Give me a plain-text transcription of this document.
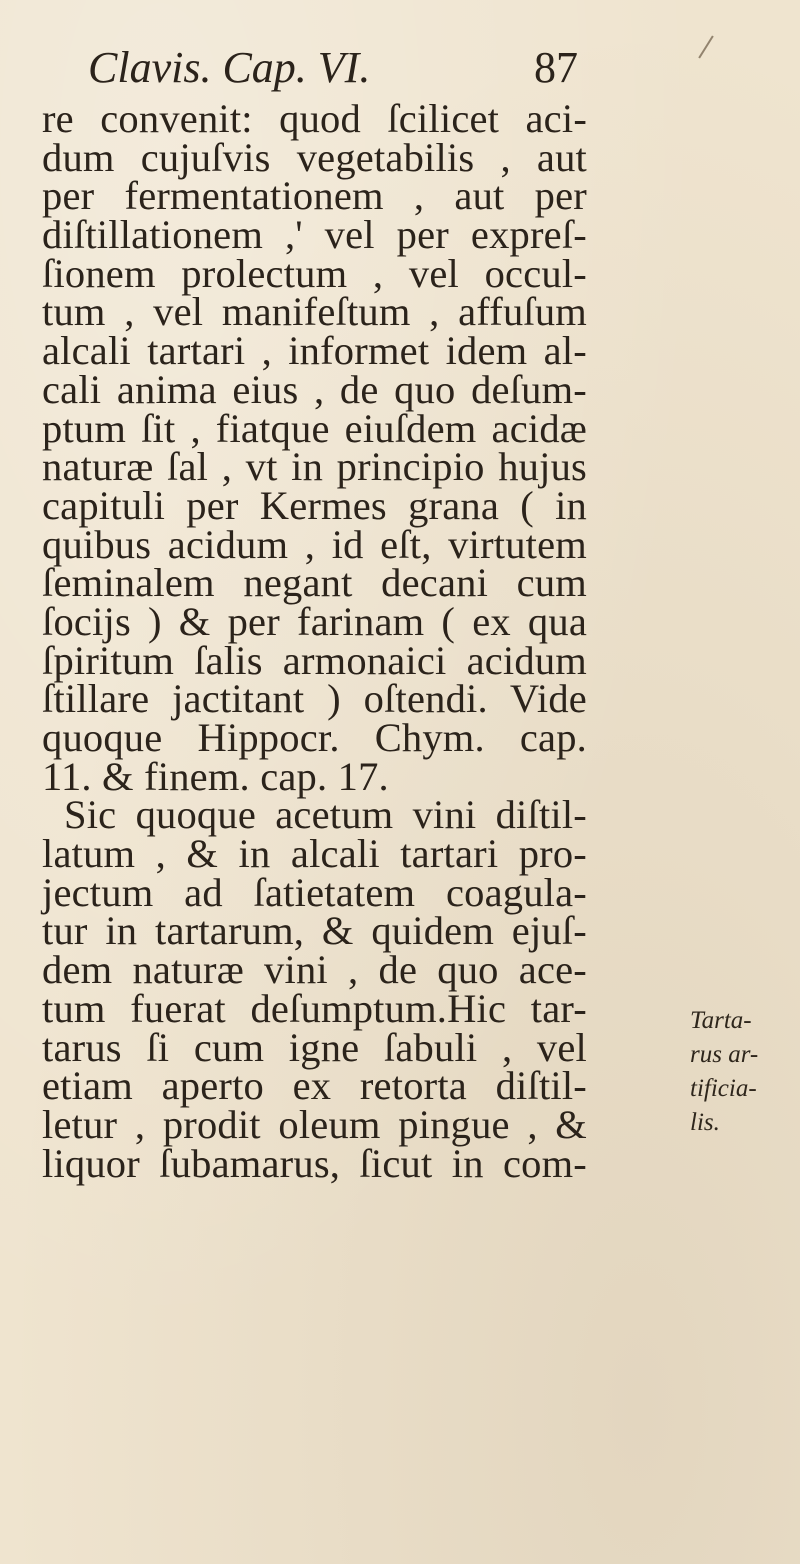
Clavis. Cap. VI.	87
re convenit: quod ſcilicet aci-
dum cujuſvis vegetabilis , aut
per fermentationem , aut per
diſtillationem ,' vel per expreſ-
ſionem prolectum , vel occul-
tum , vel manifeſtum , affuſum
alcali tartari , informet idem al-
cali anima eius , de quo deſum-
ptum ſit , fiatque eiuſdem acidæ
naturæ ſal , vt in principio hujus
capituli per Kermes grana ( in
quibus acidum , id eſt, virtutem
ſeminalem negant decani cum
ſocijs ) & per farinam ( ex qua
ſpiritum ſalis armonaici acidum
ſtillare jactitant ) oſtendi. Vide
quoque Hippocr. Chym. cap.
11. & finem. cap. 17.
Sic quoque acetum vini diſtil-
latum , & in alcali tartari pro-
jectum ad ſatietatem coagula-
tur in tartarum, & quidem ejuſ-
dem naturæ vini , de quo ace-
tum fuerat deſumptum.Hic tar-
tarus ſi cum igne ſabuli , vel
etiam aperto ex retorta diſtil-
letur , prodit oleum pingue , &
liquor ſubamarus, ſicut in com-
Tarta-
rus ar-
tificia-
lis.
